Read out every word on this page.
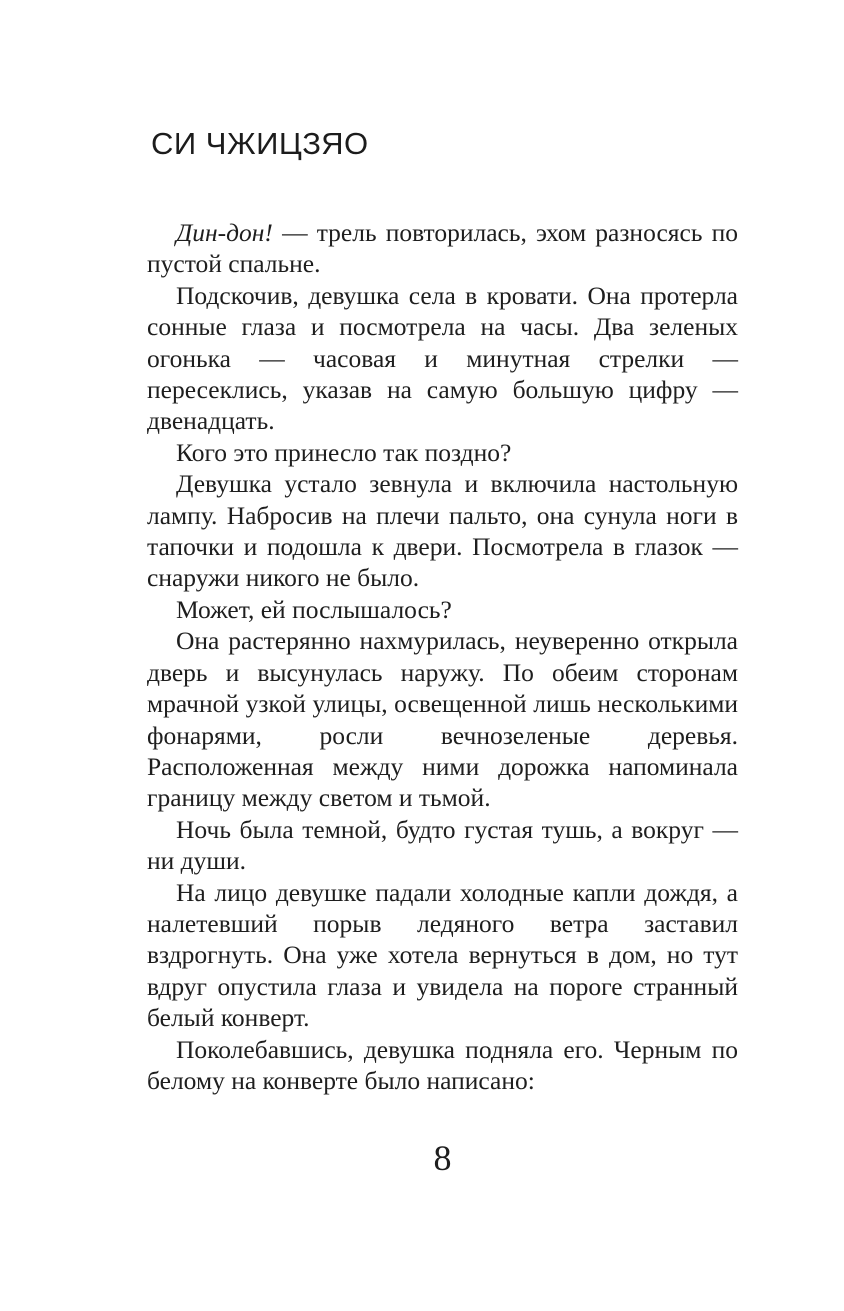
СИ ЧЖИЦЗЯО

Дин-дон! — трель повторилась, эхом разносясь по пустой спальне.

Подскочив, девушка села в кровати. Она протерла сонные глаза и посмотрела на часы. Два зеленых огонька — часовая и минутная стрелки — пересеклись, указав на самую большую цифру — двенадцать.

Кого это принесло так поздно?

Девушка устало зевнула и включила настольную лампу. Набросив на плечи пальто, она сунула ноги в тапочки и подошла к двери. Посмотрела в глазок — снаружи никого не было.

Может, ей послышалось?

Она растерянно нахмурилась, неуверенно открыла дверь и высунулась наружу. По обеим сторонам мрачной узкой улицы, освещенной лишь несколькими фонарями, росли вечнозеленые деревья. Расположенная между ними дорожка напоминала границу между светом и тьмой.

Ночь была темной, будто густая тушь, а вокруг — ни души.

На лицо девушке падали холодные капли дождя, а налетевший порыв ледяного ветра заставил вздрогнуть. Она уже хотела вернуться в дом, но тут вдруг опустила глаза и увидела на пороге странный белый конверт.

Поколебавшись, девушка подняла его. Черным по белому на конверте было написано:

8
